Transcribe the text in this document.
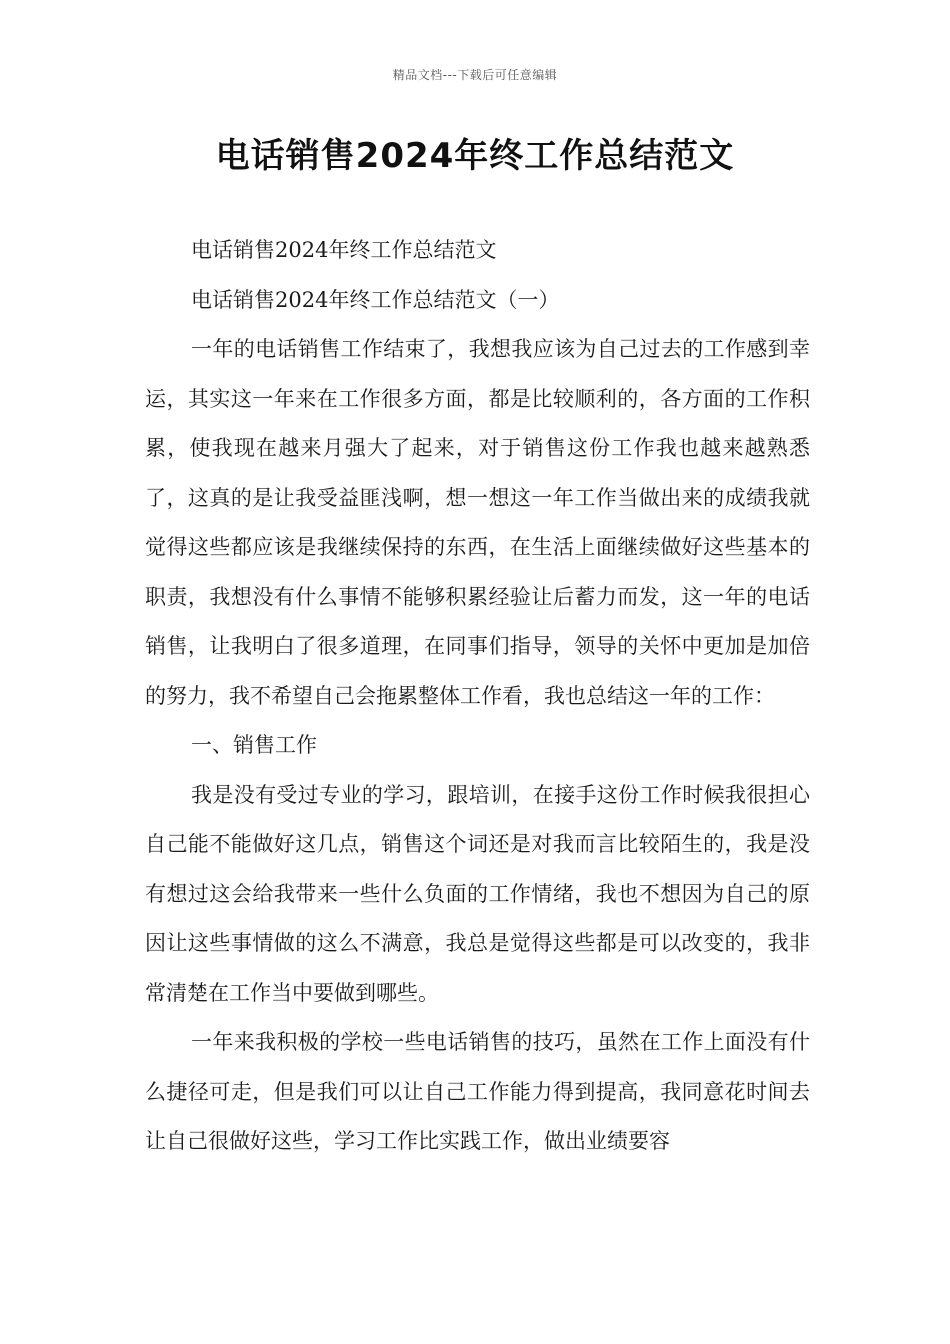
精品文档---下载后可任意编辑
电话销售2024年终工作总结范文

电话销售2024年终工作总结范文

电话销售2024年终工作总结范文（一）

一年的电话销售工作结束了，我想我应该为自己过去的工作感到幸运，其实这一年来在工作很多方面，都是比较顺利的，各方面的工作积累，使我现在越来月强大了起来，对于销售这份工作我也越来越熟悉了，这真的是让我受益匪浅啊，想一想这一年工作当做出来的成绩我就觉得这些都应该是我继续保持的东西，在生活上面继续做好这些基本的职责，我想没有什么事情不能够积累经验让后蓄力而发，这一年的电话销售，让我明白了很多道理，在同事们指导，领导的关怀中更加是加倍的努力，我不希望自己会拖累整体工作看，我也总结这一年的工作：

一、销售工作

我是没有受过专业的学习，跟培训，在接手这份工作时候我很担心自己能不能做好这几点，销售这个词还是对我而言比较陌生的，我是没有想过这会给我带来一些什么负面的工作情绪，我也不想因为自己的原因让这些事情做的这么不满意，我总是觉得这些都是可以改变的，我非常清楚在工作当中要做到哪些。

一年来我积极的学校一些电话销售的技巧，虽然在工作上面没有什么捷径可走，但是我们可以让自己工作能力得到提高，我同意花时间去让自己很做好这些，学习工作比实践工作，做出业绩要容
